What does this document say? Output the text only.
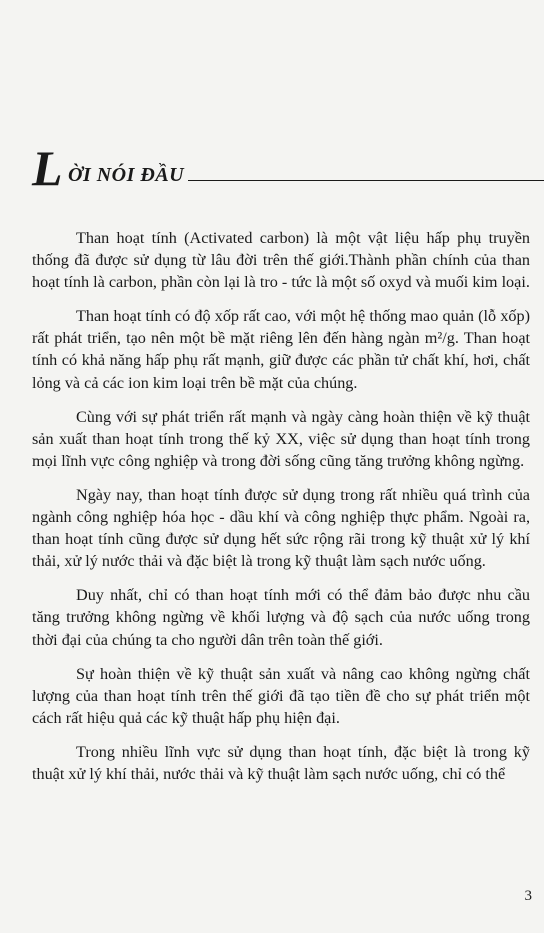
L ỜI NÓI ĐẦU

Than hoạt tính (Activated carbon) là một vật liệu hấp phụ truyền thống đã được sử dụng từ lâu đời trên thế giới.Thành phần chính của than hoạt tính là carbon, phần còn lại là tro - tức là một số oxyd và muối kim loại.

Than hoạt tính có độ xốp rất cao, với một hệ thống mao quản (lỗ xốp) rất phát triển, tạo nên một bề mặt riêng lên đến hàng ngàn m²/g. Than hoạt tính có khả năng hấp phụ rất mạnh, giữ được các phần tử chất khí, hơi, chất lỏng và cả các ion kim loại trên bề mặt của chúng.

Cùng với sự phát triển rất mạnh và ngày càng hoàn thiện về kỹ thuật sản xuất than hoạt tính trong thế kỷ XX, việc sử dụng than hoạt tính trong mọi lĩnh vực công nghiệp và trong đời sống cũng tăng trưởng không ngừng.

Ngày nay, than hoạt tính được sử dụng trong rất nhiều quá trình của ngành công nghiệp hóa học - dầu khí và công nghiệp thực phẩm. Ngoài ra, than hoạt tính cũng được sử dụng hết sức rộng rãi trong kỹ thuật xử lý khí thải, xử lý nước thải và đặc biệt là trong kỹ thuật làm sạch nước uống.

Duy nhất, chỉ có than hoạt tính mới có thể đảm bảo được nhu cầu tăng trưởng không ngừng về khối lượng và độ sạch của nước uống trong thời đại của chúng ta cho người dân trên toàn thế giới.

Sự hoàn thiện về kỹ thuật sản xuất và nâng cao không ngừng chất lượng của than hoạt tính trên thế giới đã tạo tiền đề cho sự phát triển một cách rất hiệu quả các kỹ thuật hấp phụ hiện đại.

Trong nhiều lĩnh vực sử dụng than hoạt tính, đặc biệt là trong kỹ thuật xử lý khí thải, nước thải và kỹ thuật làm sạch nước uống, chỉ có thể

3
